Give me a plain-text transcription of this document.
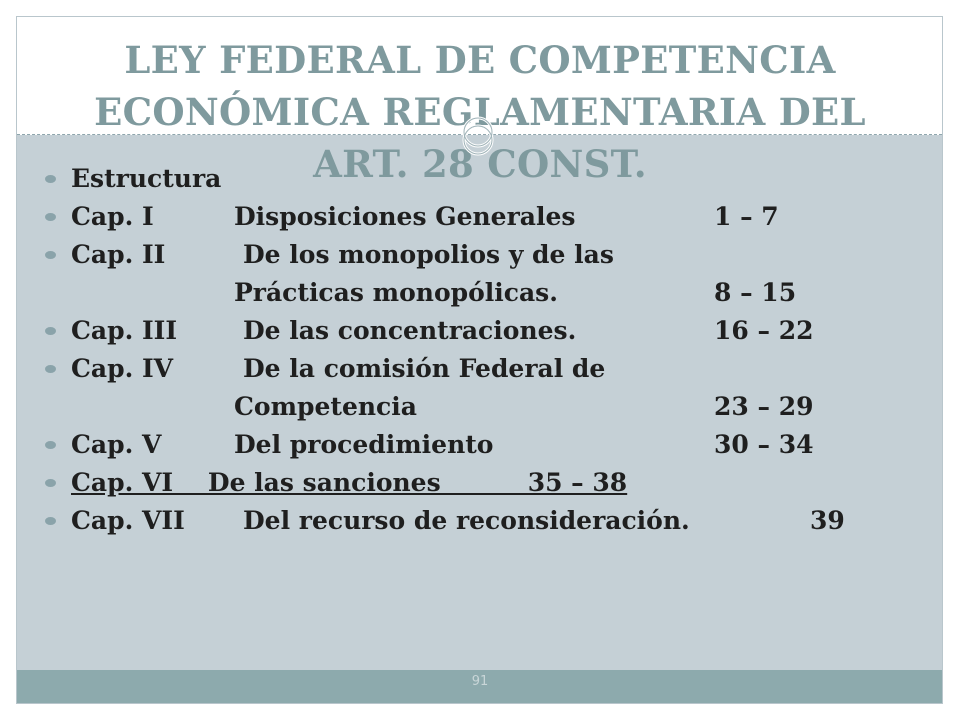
LEY FEDERAL DE COMPETENCIA
ECONÓMICA REGLAMENTARIA DEL
ART. 28 CONST.
Estructura
Cap. I	Disposiciones Generales	1 – 7
Cap. II	De los monopolios y de las
Prácticas monopólicas.	8 – 15
Cap. III	De las concentraciones.	16 – 22
Cap. IV	De la comisión Federal de
Competencia	23 – 29
Cap. V	Del procedimiento	30 – 34
Cap. VI    De las sanciones          35 – 38
Cap. VII Del recurso de reconsideración.	39
91
